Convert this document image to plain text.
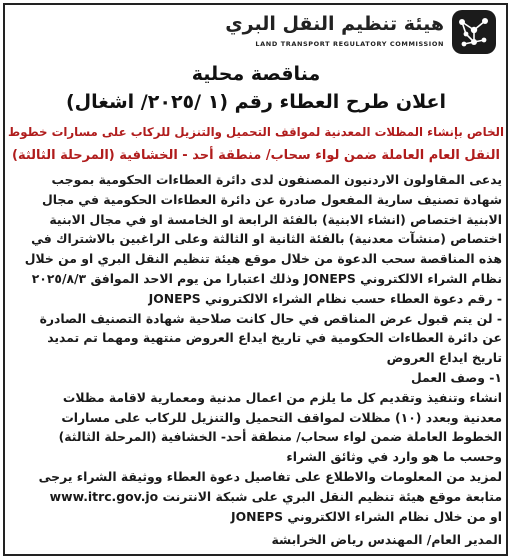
هيئة تنظيم النقل البري
LAND TRANSPORT REGULATORY COMMISSION
مناقصة محلية
اعلان طرح العطاء رقم (١ /٢٠٢٥/ اشغال)
الخاص بإنشاء المظلات المعدنية لمواقف التحميل والتنزيل للركاب على مسارات خطوط
النقل العام العاملة ضمن لواء سحاب/ منطقة أحد - الخشافية (المرحلة الثالثة)
يدعى المقاولون الاردنيون المصنفون لدى دائرة العطاءات الحكومية بموجب
شهادة تصنيف سارية المفعول صادرة عن دائرة العطاءات الحكومية في مجال
الابنية اختصاص (انشاء الابنية) بالفئة الرابعة او الخامسة او في مجال الابنية
اختصاص (منشآت معدنية) بالفئة الثانية او الثالثة وعلى الراغبين بالاشتراك في
هذه المناقصة سحب الدعوة من خلال موقع هيئة تنظيم النقل البري او من خلال
نظام الشراء الالكتروني JONEPS وذلك اعتبارا من يوم الاحد الموافق ٢٠٢٥/٨/٣
- رقم دعوة العطاء حسب نظام الشراء الالكتروني JONEPS
- لن يتم قبول عرض المناقص في حال كانت صلاحية شهادة التصنيف الصادرة
عن دائرة العطاءات الحكومية في تاريخ ايداع العروض منتهية ومهما تم تمديد
تاريخ ايداع العروض
١- وصف العمل
انشاء وتنفيذ وتقديم كل ما يلزم من اعمال مدنية ومعمارية لاقامة مظلات
معدنية وبعدد (١٠) مظلات لمواقف التحميل والتنزيل للركاب على مسارات
الخطوط العاملة ضمن لواء سحاب/ منطقة أحد- الخشافية (المرحلة الثالثة)
وحسب ما هو وارد في وثائق الشراء
لمزيد من المعلومات والاطلاع على تفاصيل دعوة العطاء ووثيقة الشراء يرجى
متابعة موقع هيئة تنظيم النقل البري على شبكة الانترنت www.itrc.gov.jo
او من خلال نظام الشراء الالكتروني JONEPS
المدير العام/ المهندس رياض الخرابشة
